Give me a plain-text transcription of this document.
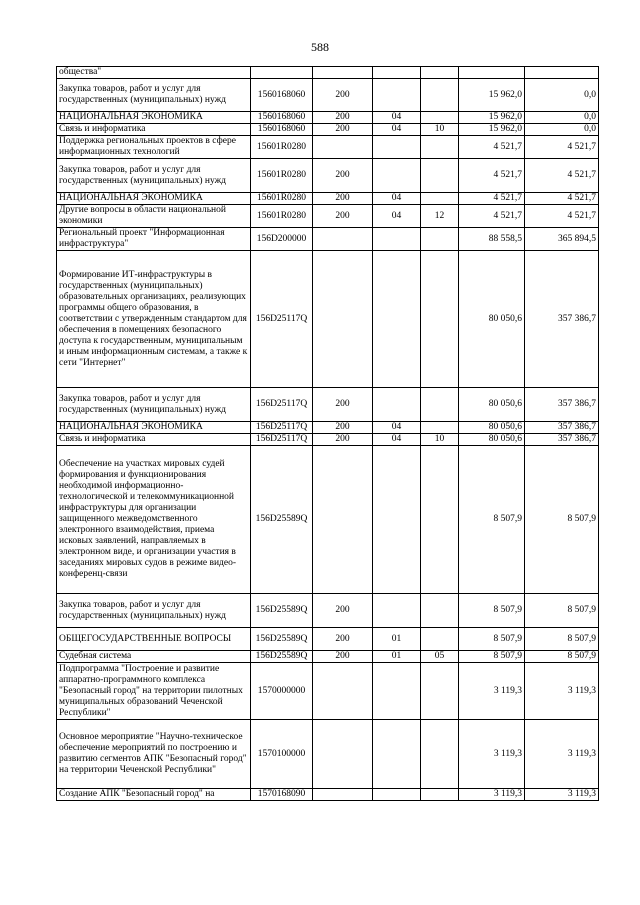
588
общества"						
Закупка товаров, работ и услуг для государственных (муниципальных) нужд	1560168060	200			15 962,0	0,0
НАЦИОНАЛЬНАЯ ЭКОНОМИКА	1560168060	200	04		15 962,0	0,0
Связь и информатика	1560168060	200	04	10	15 962,0	0,0
Поддержка региональных проектов в сфере информационных технологий	15601R0280				4 521,7	4 521,7
Закупка товаров, работ и услуг для государственных (муниципальных) нужд	15601R0280	200			4 521,7	4 521,7
НАЦИОНАЛЬНАЯ ЭКОНОМИКА	15601R0280	200	04		4 521,7	4 521,7
Другие вопросы в области национальной экономики	15601R0280	200	04	12	4 521,7	4 521,7
Региональный проект "Информационная инфраструктура"	156D200000				88 558,5	365 894,5
Формирование ИТ-инфраструктуры в государственных (муниципальных) образовательных организациях, реализующих программы общего образования, в соответствии с утвержденным стандартом для обеспечения в помещениях безопасного доступа к государственным, муниципальным и иным информационным системам, а также к сети "Интернет"	156D25117Q				80 050,6	357 386,7
Закупка товаров, работ и услуг для государственных (муниципальных) нужд	156D25117Q	200			80 050,6	357 386,7
НАЦИОНАЛЬНАЯ ЭКОНОМИКА	156D25117Q	200	04		80 050,6	357 386,7
Связь и информатика	156D25117Q	200	04	10	80 050,6	357 386,7
Обеспечение на участках мировых судей формирования и функционирования необходимой информационно-технологической и телекоммуникационной инфраструктуры для организации защищенного межведомственного электронного взаимодействия, приема исковых заявлений, направляемых в электронном виде, и организации участия в заседаниях мировых судов в режиме видео-конференц-связи	156D25589Q				8 507,9	8 507,9
Закупка товаров, работ и услуг для государственных (муниципальных) нужд	156D25589Q	200			8 507,9	8 507,9
ОБЩЕГОСУДАРСТВЕННЫЕ ВОПРОСЫ	156D25589Q	200	01		8 507,9	8 507,9
Судебная система	156D25589Q	200	01	05	8 507,9	8 507,9
Подпрограмма "Построение и развитие аппаратно-программного комплекса "Безопасный город" на территории пилотных муниципальных образований Чеченской Республики"	1570000000				3 119,3	3 119,3
Основное мероприятие "Научно-техническое обеспечение мероприятий по построению и развитию сегментов АПК "Безопасный город" на территории Чеченской Республики"	1570100000				3 119,3	3 119,3
Создание АПК "Безопасный город" на	1570168090				3 119,3	3 119,3
